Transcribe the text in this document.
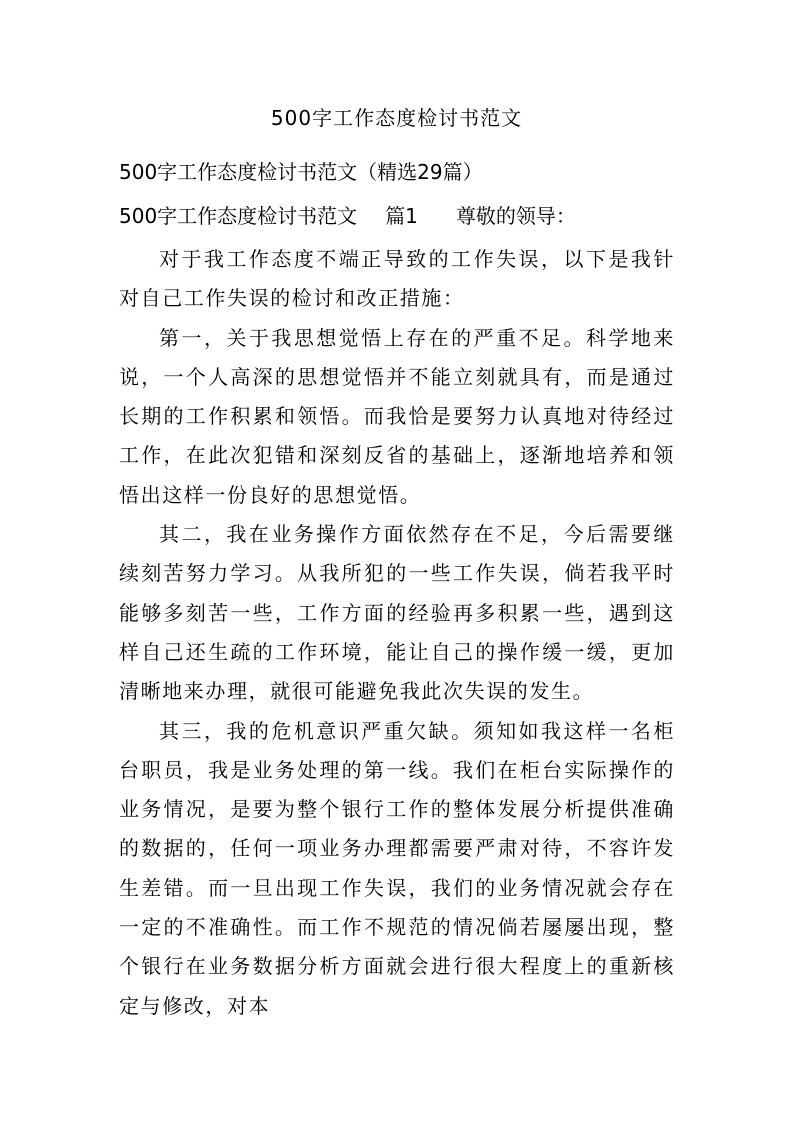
500字工作态度检讨书范文
500字工作态度检讨书范文（精选29篇）
500字工作态度检讨书范文 篇1 尊敬的领导：

对于我工作态度不端正导致的工作失误，以下是我针对自己工作失误的检讨和改正措施：

第一，关于我思想觉悟上存在的严重不足。科学地来说，一个人高深的思想觉悟并不能立刻就具有，而是通过长期的工作积累和领悟。而我恰是要努力认真地对待经过工作，在此次犯错和深刻反省的基础上，逐渐地培养和领悟出这样一份良好的思想觉悟。

其二，我在业务操作方面依然存在不足，今后需要继续刻苦努力学习。从我所犯的一些工作失误，倘若我平时能够多刻苦一些，工作方面的经验再多积累一些，遇到这样自己还生疏的工作环境，能让自己的操作缓一缓，更加清晰地来办理，就很可能避免我此次失误的发生。

其三，我的危机意识严重欠缺。须知如我这样一名柜台职员，我是业务处理的第一线。我们在柜台实际操作的业务情况，是要为整个银行工作的整体发展分析提供准确的数据的，任何一项业务办理都需要严肃对待，不容许发生差错。而一旦出现工作失误，我们的业务情况就会存在一定的不准确性。而工作不规范的情况倘若屡屡出现，整个银行在业务数据分析方面就会进行很大程度上的重新核定与修改，对本
